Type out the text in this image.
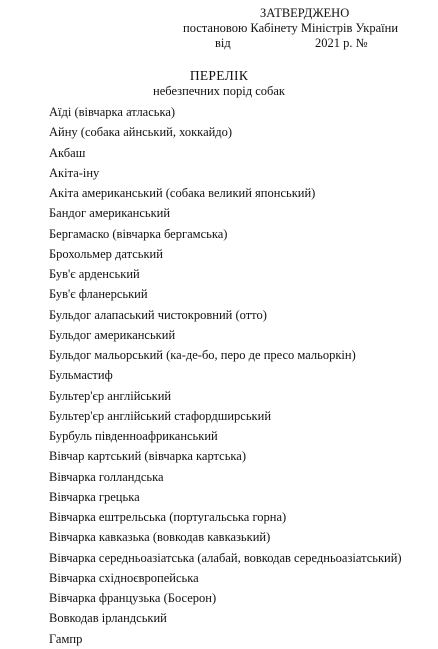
ЗАТВЕРДЖЕНО
постановою Кабінету Міністрів України
від	2021 р. №
ПЕРЕЛІК
небезпечних порід собак
Аїді (вівчарка атласька)
Айну (собака айнський, хоккайдо)
Акбаш
Акіта-іну
Акіта американський (собака великий японський)
Бандог американський
Бергамаско (вівчарка бергамська)
Брохольмер датський
Був'є арденський
Був'є фланерський
Бульдог алапаський чистокровний (отто)
Бульдог американський
Бульдог мальорський (ка-де-бо, перо де пресо мальоркін)
Бульмастиф
Бультер'єр англійський
Бультер'єр англійський стафордширський
Бурбуль південноафриканський
Вівчар картський (вівчарка картська)
Вівчарка голландська
Вівчарка грецька
Вівчарка ештрельська (португальська горна)
Вівчарка кавказька (вовкодав кавказький)
Вівчарка середньоазіатська (алабай, вовкодав середньоазіатський)
Вівчарка східноєвропейська
Вівчарка французька (Босерон)
Вовкодав ірландський
Гампр
